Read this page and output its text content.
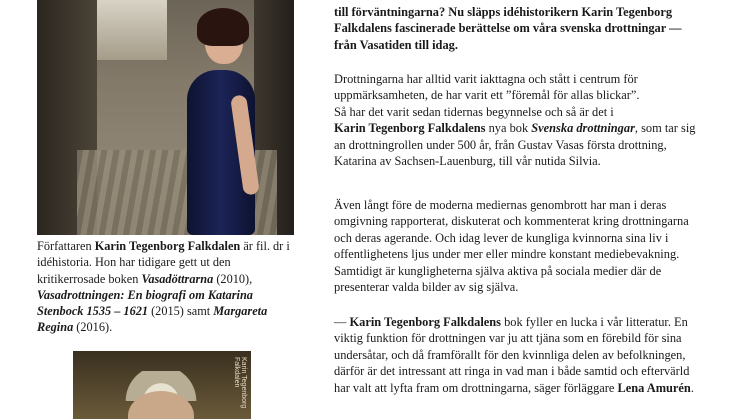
Författaren Karin Tegenborg Falkdalen är fil. dr i idéhistoria. Hon har tidigare gett ut den kritikerrosade boken Vasadöttrarna (2010), Vasadrottningen: En biografi om Katarina Stenbock 1535 – 1621 (2015) samt Margareta Regina (2016).
Karin Tegenborg Falkdalen
till förväntningarna? Nu släpps idéhistorikern Karin Tegenborg
Falkdalens fascinerade berättelse om våra svenska drottningar —
från Vasatiden till idag.
Drottningarna har alltid varit iakttagna och stått i centrum för uppmärksamheten, de har varit ett ”föremål för allas blickar”.
Så har det varit sedan tidernas begynnelse och så är det i
Karin Tegenborg Falkdalens nya bok Svenska drottningar, som tar sig an drottningrollen under 500 år, från Gustav Vasas första drottning, Katarina av Sachsen-Lauenburg, till vår nutida Silvia.
Även långt före de moderna mediernas genombrott har man i deras omgivning rapporterat, diskuterat och kommenterat kring drottningarna och deras agerande. Och idag lever de kungliga kvinnorna sina liv i offentlighetens ljus under mer eller mindre konstant mediebevakning. Samtidigt är kungligheterna själva aktiva på sociala medier där de presenterar valda bilder av sig själva.
— Karin Tegenborg Falkdalens bok fyller en lucka i vår litteratur. En viktig funktion för drottningen var ju att tjäna som en förebild för sina undersåtar, och då framförallt för den kvinnliga delen av befolkningen, därför är det intressant att ringa in vad man i både samtid och eftervärld har valt att lyfta fram om drottningarna, säger förläggare Lena Amurén.
